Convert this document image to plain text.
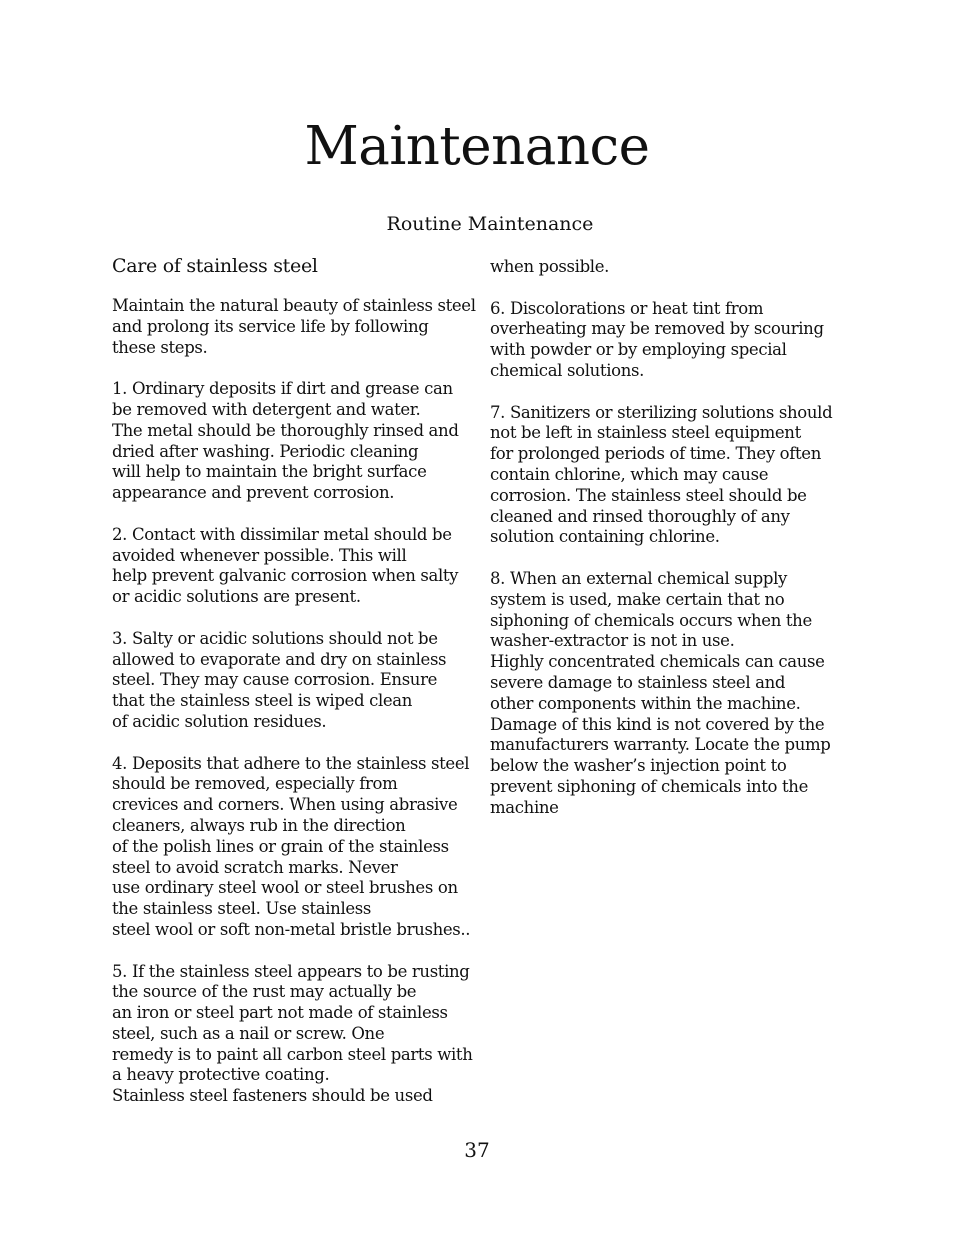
Maintenance
Routine Maintenance
Care of stainless steel

Maintain the natural beauty of stainless steel
and prolong its service life by following
these steps.

1. Ordinary deposits if dirt and grease can
be removed with detergent and water.
The metal should be thoroughly rinsed and
dried after washing. Periodic cleaning
will help to maintain the bright surface
appearance and prevent corrosion.

2. Contact with dissimilar metal should be
avoided whenever possible. This will
help prevent galvanic corrosion when salty
or acidic solutions are present.

3. Salty or acidic solutions should not be
allowed to evaporate and dry on stainless
steel. They may cause corrosion. Ensure
that the stainless steel is wiped clean
of acidic solution residues.

4. Deposits that adhere to the stainless steel
should be removed, especially from
crevices and corners. When using abrasive
cleaners, always rub in the direction
of the polish lines or grain of the stainless
steel to avoid scratch marks. Never
use ordinary steel wool or steel brushes on
the stainless steel. Use stainless
steel wool or soft non-metal bristle brushes..

5. If the stainless steel appears to be rusting
the source of the rust may actually be
an iron or steel part not made of stainless
steel, such as a nail or screw. One
remedy is to paint all carbon steel parts with
a heavy protective coating.
Stainless steel fasteners should be used

when possible.

6. Discolorations or heat tint from
overheating may be removed by scouring
with powder or by employing special
chemical solutions.

7. Sanitizers or sterilizing solutions should
not be left in stainless steel equipment
for prolonged periods of time. They often
contain chlorine, which may cause
corrosion. The stainless steel should be
cleaned and rinsed thoroughly of any
solution containing chlorine.

8. When an external chemical supply
system is used, make certain that no
siphoning of chemicals occurs when the
washer-extractor is not in use.
Highly concentrated chemicals can cause
severe damage to stainless steel and
other components within the machine.
Damage of this kind is not covered by the
manufacturers warranty. Locate the pump
below the washer’s injection point to
prevent siphoning of chemicals into the
machine

37
